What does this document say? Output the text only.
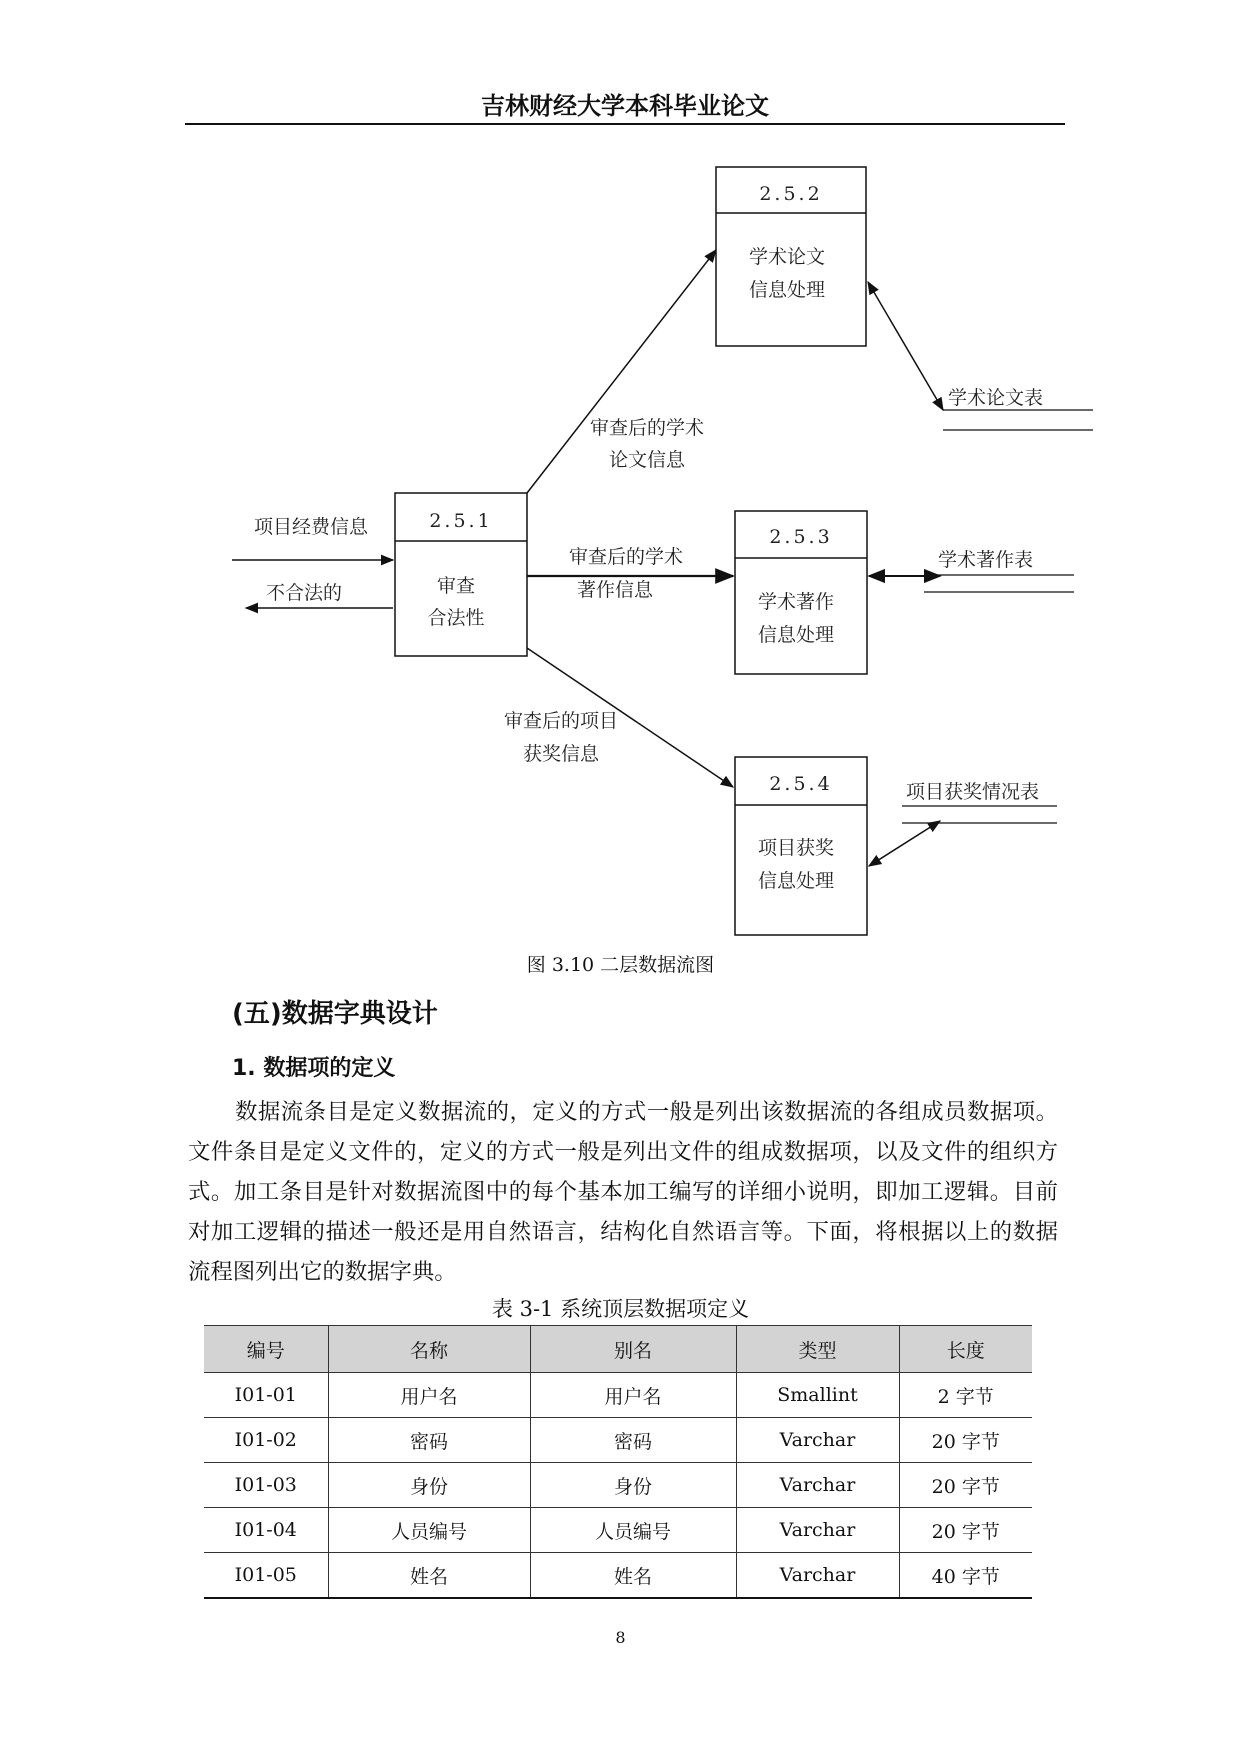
吉林财经大学本科毕业论文
2.5.2
学术论文
信息处理
2.5.1
审查
合法性
2.5.3
学术著作
信息处理
2.5.4
项目获奖
信息处理
学术论文表
学术著作表
项目获奖情况表
项目经费信息
不合法的
审查后的学术
论文信息
审查后的学术
著作信息
审查后的项目
获奖信息
图 3.10 二层数据流图
(五)数据字典设计
1. 数据项的定义
数据流条目是定义数据流的，定义的方式一般是列出该数据流的各组成员数据项。文件条目是定义文件的，定义的方式一般是列出文件的组成数据项，以及文件的组织方式。加工条目是针对数据流图中的每个基本加工编写的详细小说明，即加工逻辑。目前对加工逻辑的描述一般还是用自然语言，结构化自然语言等。下面，将根据以上的数据流程图列出它的数据字典。
表 3-1 系统顶层数据项定义
编号	名称	别名	类型	长度
I01-01	用户名	用户名	Smallint	2 字节
I01-02	密码	密码	Varchar	20 字节
I01-03	身份	身份	Varchar	20 字节
I01-04	人员编号	人员编号	Varchar	20 字节
I01-05	姓名	姓名	Varchar	40 字节
8
